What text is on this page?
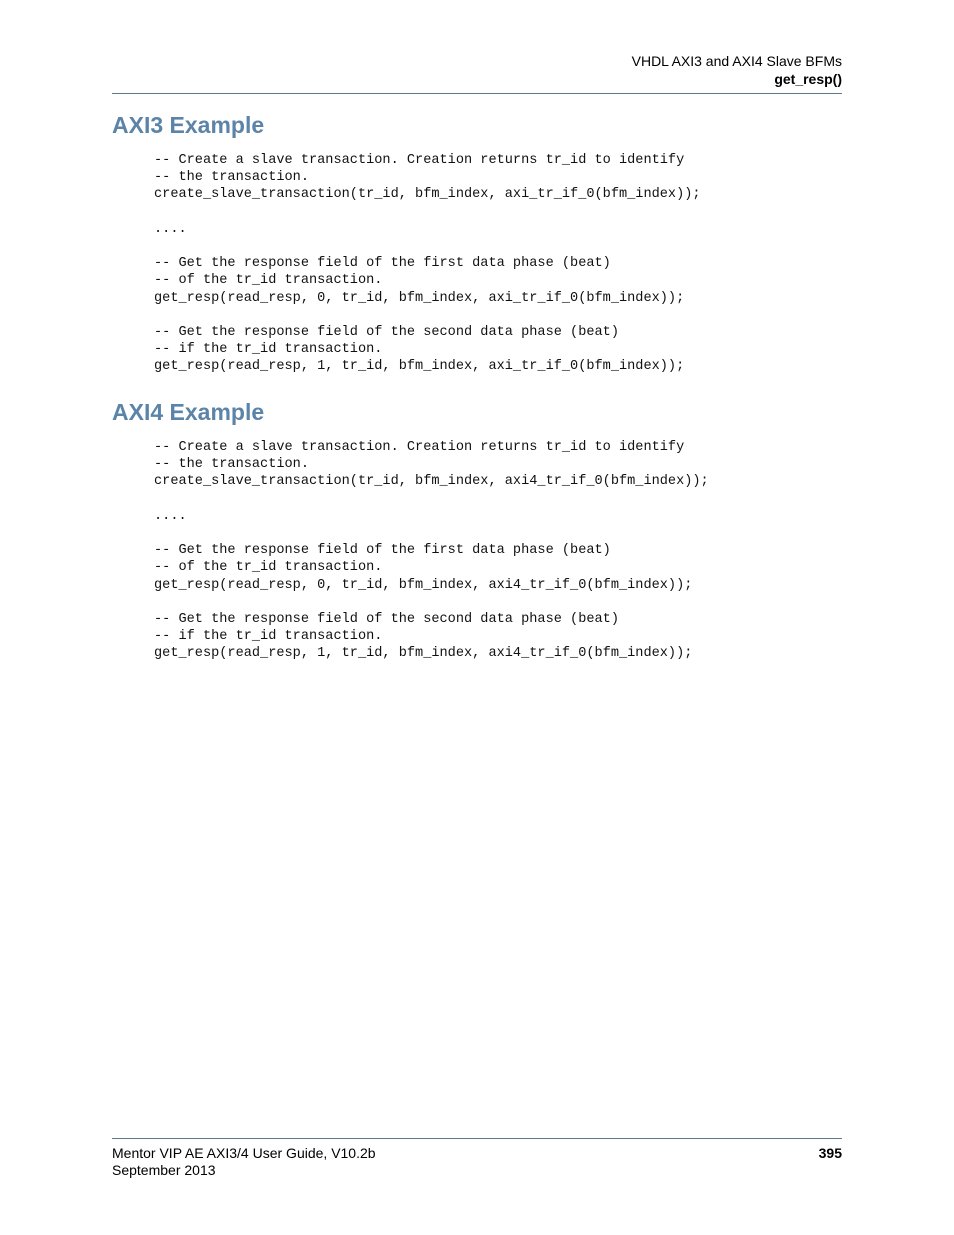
VHDL AXI3 and AXI4 Slave BFMs
get_resp()
AXI3 Example
-- Create a slave transaction. Creation returns tr_id to identify
-- the transaction.
create_slave_transaction(tr_id, bfm_index, axi_tr_if_0(bfm_index));

....

-- Get the response field of the first data phase (beat)
-- of the tr_id transaction.
get_resp(read_resp, 0, tr_id, bfm_index, axi_tr_if_0(bfm_index));

-- Get the response field of the second data phase (beat)
-- if the tr_id transaction.
get_resp(read_resp, 1, tr_id, bfm_index, axi_tr_if_0(bfm_index));
AXI4 Example
-- Create a slave transaction. Creation returns tr_id to identify
-- the transaction.
create_slave_transaction(tr_id, bfm_index, axi4_tr_if_0(bfm_index));

....

-- Get the response field of the first data phase (beat)
-- of the tr_id transaction.
get_resp(read_resp, 0, tr_id, bfm_index, axi4_tr_if_0(bfm_index));

-- Get the response field of the second data phase (beat)
-- if the tr_id transaction.
get_resp(read_resp, 1, tr_id, bfm_index, axi4_tr_if_0(bfm_index));
Mentor VIP AE AXI3/4 User Guide, V10.2b
September 2013
395
